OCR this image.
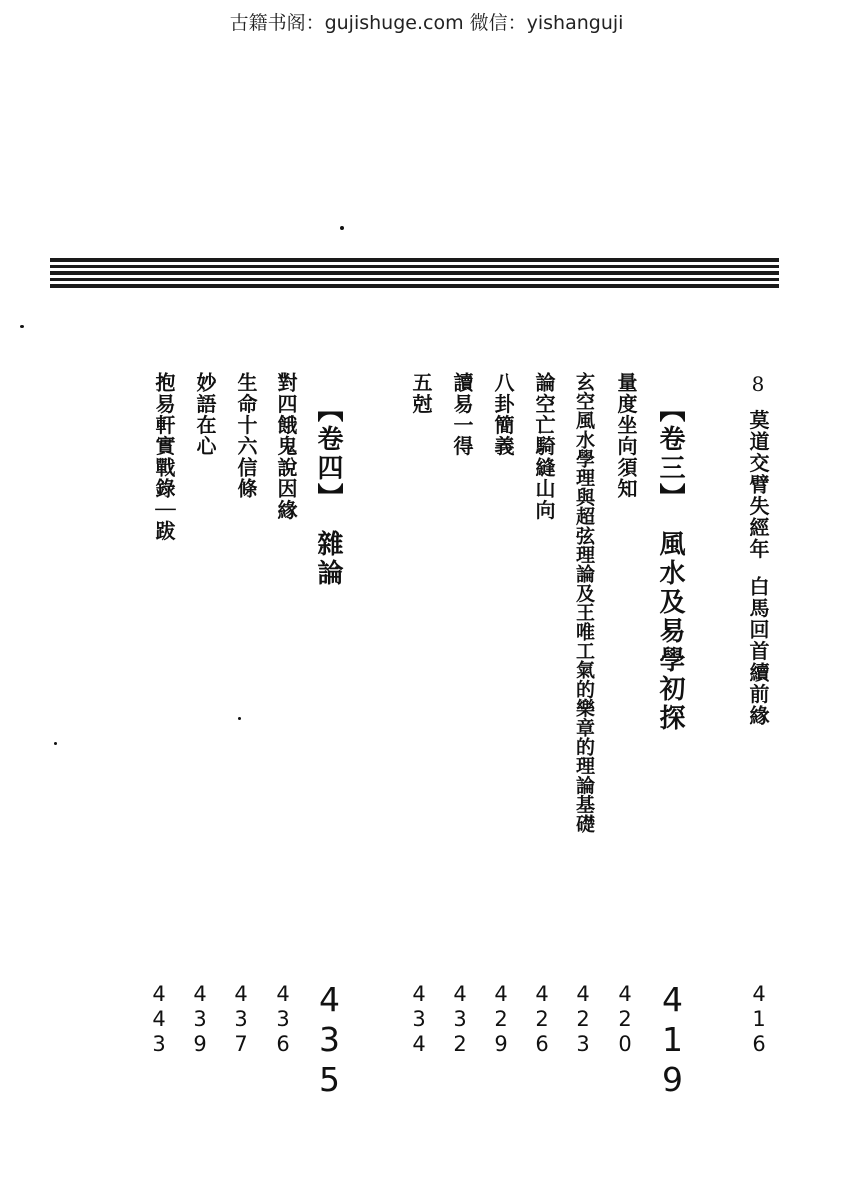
古籍书阁：gujishuge.com 微信：yishanguji
8莫道交臂失經年白馬回首續前緣
416
【卷三】風水及易學初探
419
量度坐向須知
420
玄空風水學理與超弦理論及王唯工氣的樂章的理論基礎
423
論空亡騎縫山向
426
八卦簡義
429
讀易一得
432
五尅
434
【卷四】雜論
435
對四餓鬼說因緣
436
生命十六信條
437
妙語在心
439
抱易軒實戰錄｜跋
443
